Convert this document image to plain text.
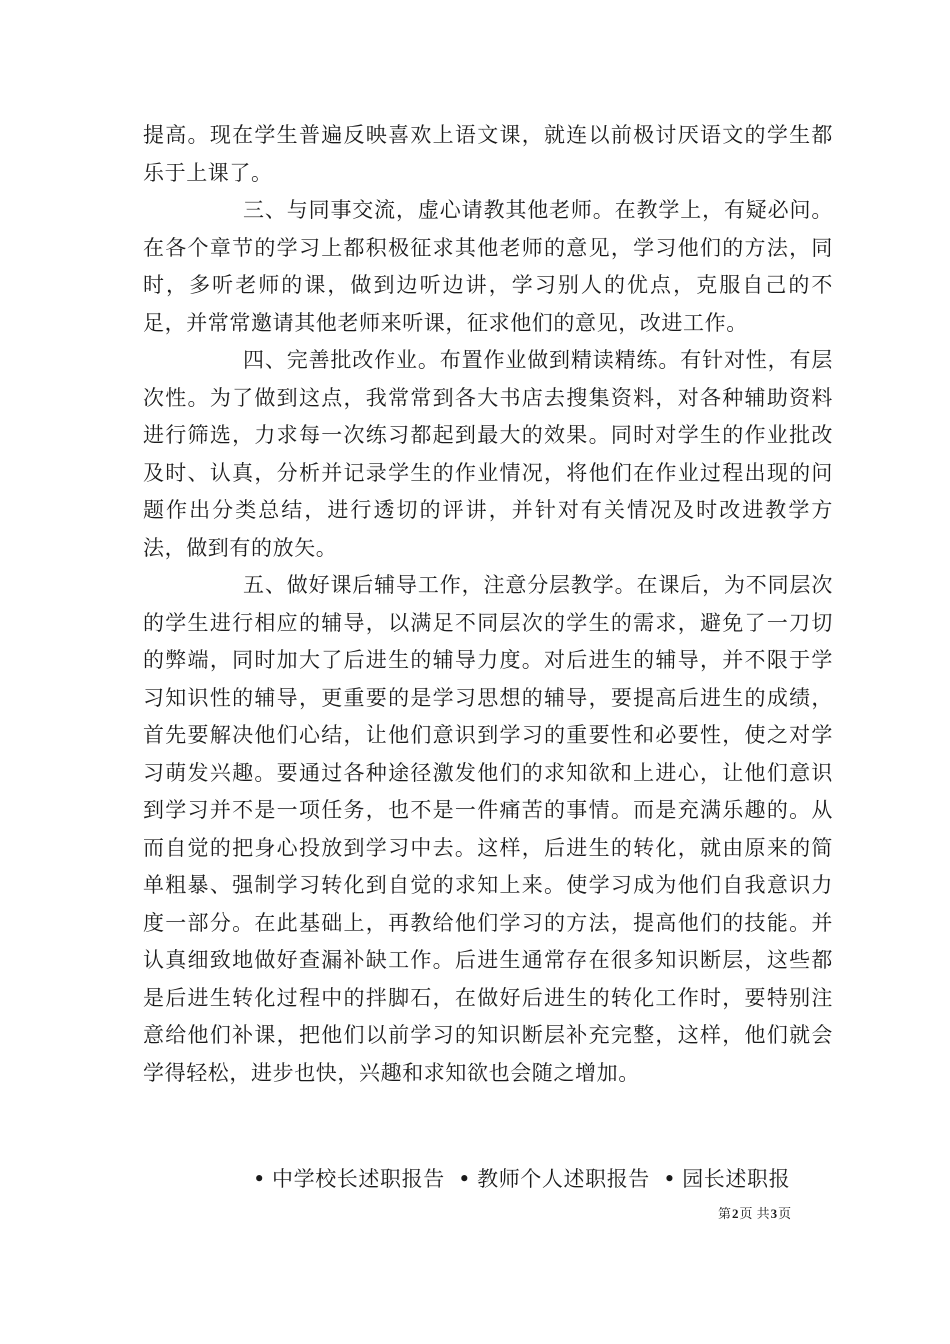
提高。现在学生普遍反映喜欢上语文课，就连以前极讨厌语文的学生都乐于上课了。

三、与同事交流，虚心请教其他老师。在教学上，有疑必问。在各个章节的学习上都积极征求其他老师的意见，学习他们的方法，同时，多听老师的课，做到边听边讲，学习别人的优点，克服自己的不足，并常常邀请其他老师来听课，征求他们的意见，改进工作。

四、完善批改作业。布置作业做到精读精练。有针对性，有层次性。为了做到这点，我常常到各大书店去搜集资料，对各种辅助资料进行筛选，力求每一次练习都起到最大的效果。同时对学生的作业批改及时、认真，分析并记录学生的作业情况，将他们在作业过程出现的问题作出分类总结，进行透切的评讲，并针对有关情况及时改进教学方法，做到有的放矢。

五、做好课后辅导工作，注意分层教学。在课后，为不同层次的学生进行相应的辅导，以满足不同层次的学生的需求，避免了一刀切的弊端，同时加大了后进生的辅导力度。对后进生的辅导，并不限于学习知识性的辅导，更重要的是学习思想的辅导，要提高后进生的成绩，首先要解决他们心结，让他们意识到学习的重要性和必要性，使之对学习萌发兴趣。要通过各种途径激发他们的求知欲和上进心，让他们意识到学习并不是一项任务，也不是一件痛苦的事情。而是充满乐趣的。从而自觉的把身心投放到学习中去。这样，后进生的转化，就由原来的简单粗暴、强制学习转化到自觉的求知上来。使学习成为他们自我意识力度一部分。在此基础上，再教给他们学习的方法，提高他们的技能。并认真细致地做好查漏补缺工作。后进生通常存在很多知识断层，这些都是后进生转化过程中的拌脚石，在做好后进生的转化工作时，要特别注意给他们补课，把他们以前学习的知识断层补充完整，这样，他们就会学得轻松，进步也快，兴趣和求知欲也会随之增加。

• 中学校长述职报告 • 教师个人述职报告 • 园长述职报
第2页 共3页
